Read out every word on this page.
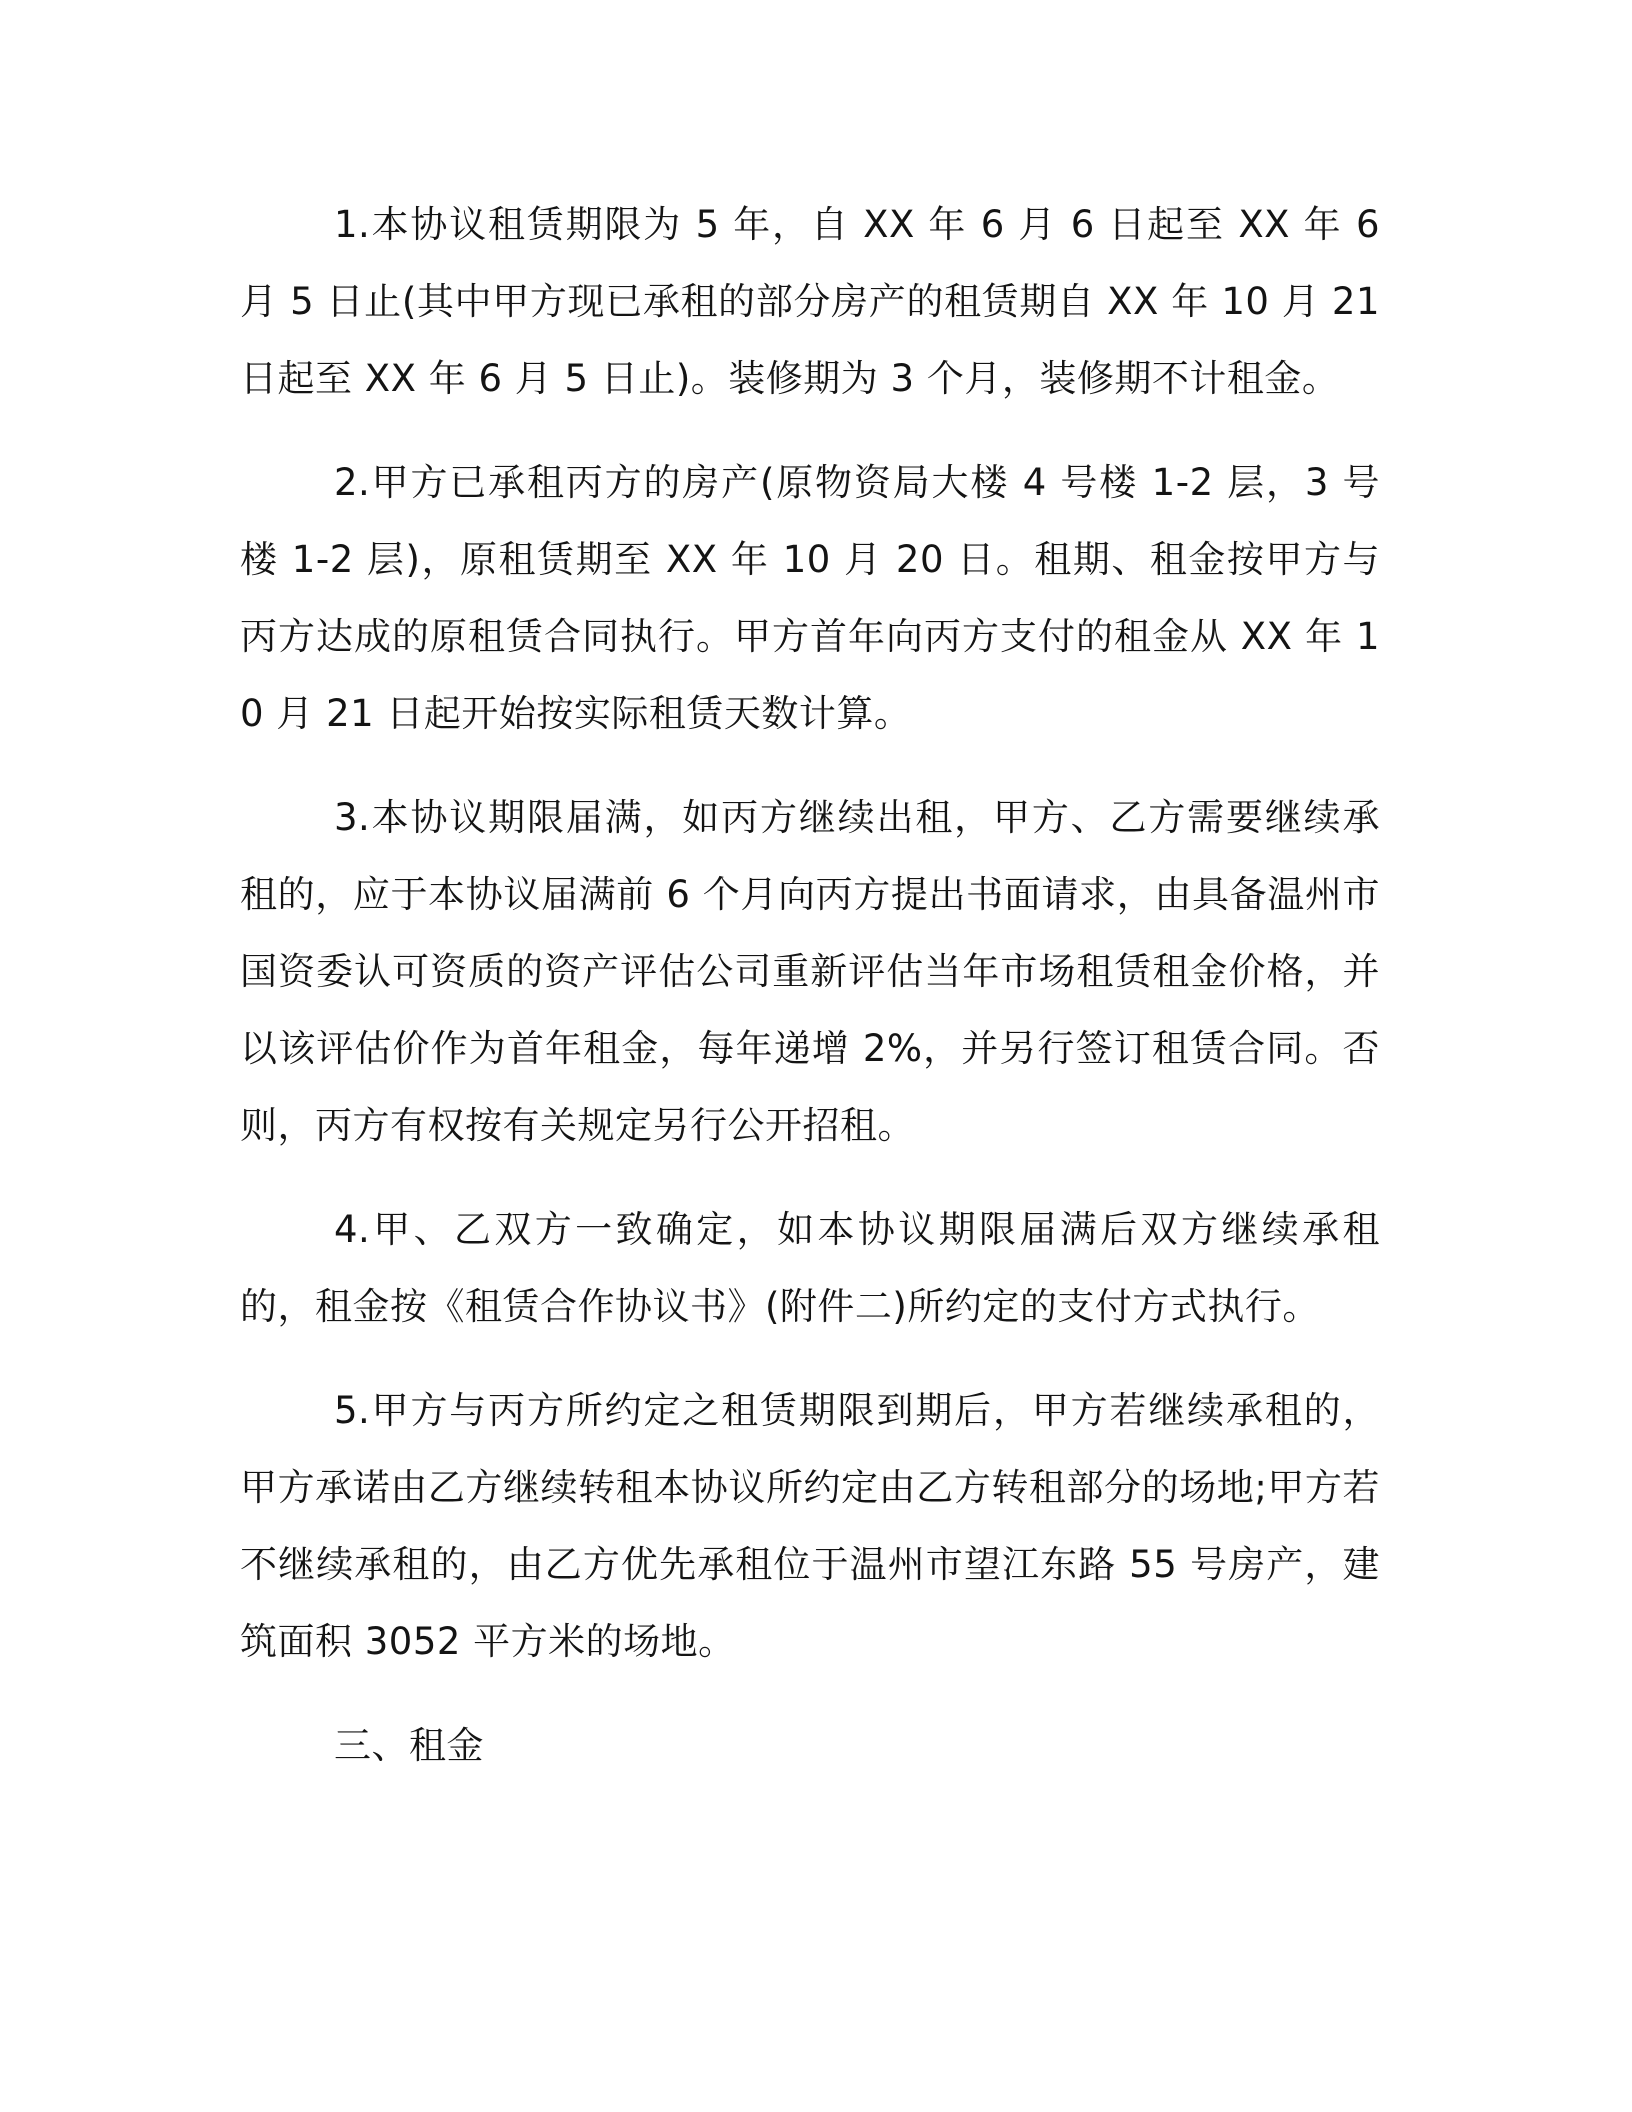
1.本协议租赁期限为 5 年，自 XX 年 6 月 6 日起至 XX 年 6 月 5 日止(其中甲方现已承租的部分房产的租赁期自 XX 年 10 月 21 日起至 XX 年 6 月 5 日止)。装修期为 3 个月，装修期不计租金。

2.甲方已承租丙方的房产(原物资局大楼 4 号楼 1-2 层，3 号楼 1-2 层)，原租赁期至 XX 年 10 月 20 日。租期、租金按甲方与丙方达成的原租赁合同执行。甲方首年向丙方支付的租金从 XX 年 10 月 21 日起开始按实际租赁天数计算。

3.本协议期限届满，如丙方继续出租，甲方、乙方需要继续承租的，应于本协议届满前 6 个月向丙方提出书面请求，由具备温州市国资委认可资质的资产评估公司重新评估当年市场租赁租金价格，并以该评估价作为首年租金，每年递增 2%，并另行签订租赁合同。否则，丙方有权按有关规定另行公开招租。

4.甲、乙双方一致确定，如本协议期限届满后双方继续承租的，租金按《租赁合作协议书》(附件二)所约定的支付方式执行。

5.甲方与丙方所约定之租赁期限到期后，甲方若继续承租的，甲方承诺由乙方继续转租本协议所约定由乙方转租部分的场地;甲方若不继续承租的，由乙方优先承租位于温州市望江东路 55 号房产，建筑面积 3052 平方米的场地。

三、租金
